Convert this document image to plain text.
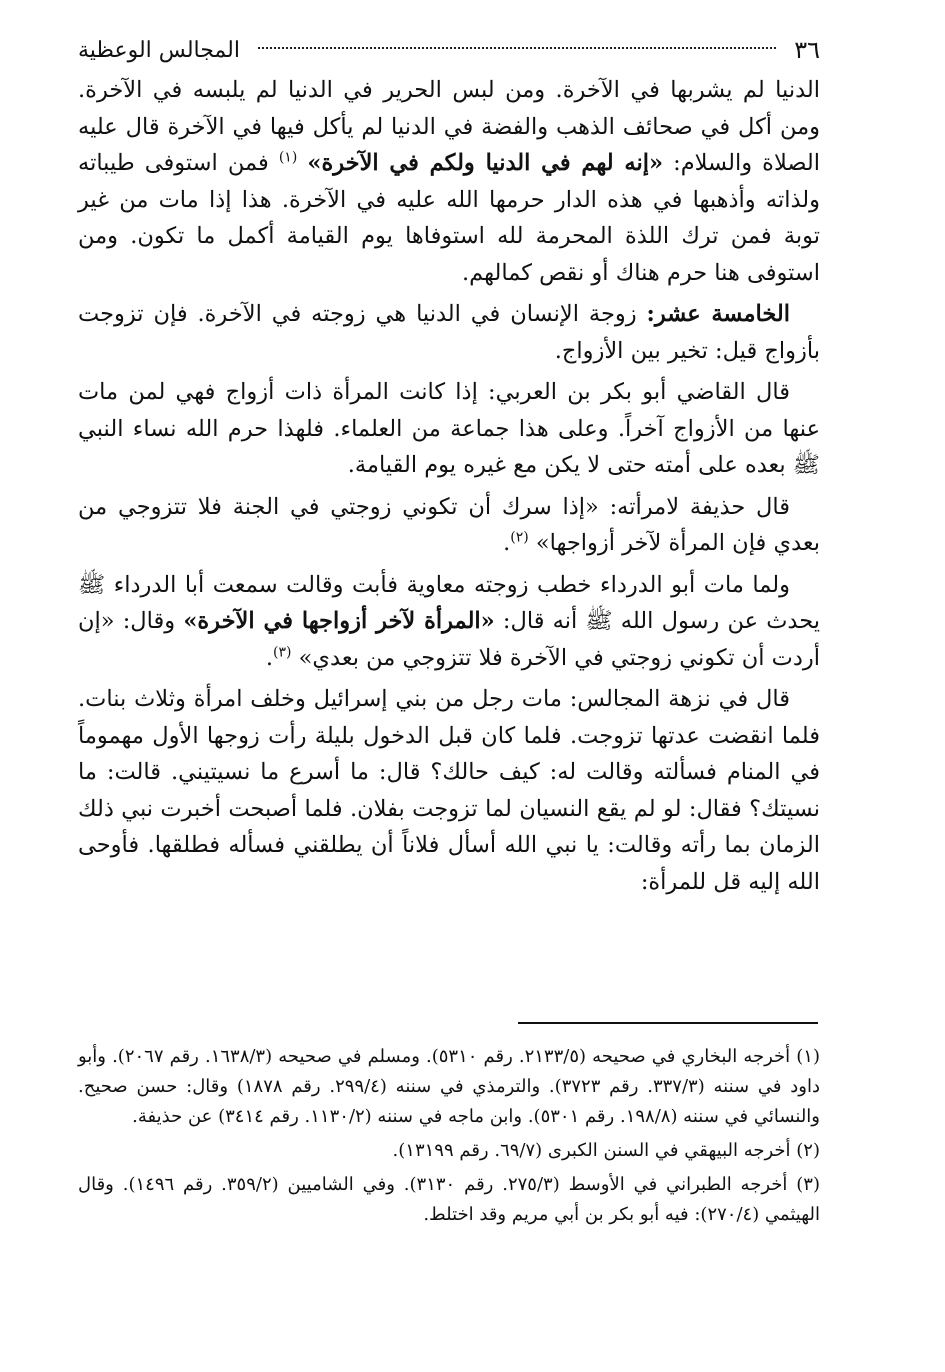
٣٦
المجالس الوعظية

الدنيا لم يشربها في الآخرة. ومن لبس الحرير في الدنيا لم يلبسه في الآخرة. ومن أكل في صحائف الذهب والفضة في الدنيا لم يأكل فيها في الآخرة قال عليه الصلاة والسلام: «إنه لهم في الدنيا ولكم في الآخرة» $^{(١)}$ فمن استوفى طيباته ولذاته وأذهبها في هذه الدار حرمها الله عليه في الآخرة. هذا إذا مات من غير توبة فمن ترك اللذة المحرمة لله استوفاها يوم القيامة أكمل ما تكون. ومن استوفى هنا حرم هناك أو نقص كمالهم.

الخامسة عشر: زوجة الإنسان في الدنيا هي زوجته في الآخرة. فإن تزوجت بأزواج قيل: تخير بين الأزواج.

قال القاضي أبو بكر بن العربي: إذا كانت المرأة ذات أزواج فهي لمن مات عنها من الأزواج آخراً. وعلى هذا جماعة من العلماء. فلهذا حرم الله نساء النبي ﷺ بعده على أمته حتى لا يكن مع غيره يوم القيامة.

قال حذيفة لامرأته: «إذا سرك أن تكوني زوجتي في الجنة فلا تتزوجي من بعدي فإن المرأة لآخر أزواجها» $^{(٢)}$.

ولما مات أبو الدرداء خطب زوجته معاوية فأبت وقالت سمعت أبا الدرداء ﷺ يحدث عن رسول الله ﷺ أنه قال: «المرأة لآخر أزواجها في الآخرة» وقال: «إن أردت أن تكوني زوجتي في الآخرة فلا تتزوجي من بعدي» $^{(٣)}$.

قال في نزهة المجالس: مات رجل من بني إسرائيل وخلف امرأة وثلاث بنات. فلما انقضت عدتها تزوجت. فلما كان قبل الدخول بليلة رأت زوجها الأول مهموماً في المنام فسألته وقالت له: كيف حالك؟ قال: ما أسرع ما نسيتيني. قالت: ما نسيتك؟ فقال: لو لم يقع النسيان لما تزوجت بفلان. فلما أصبحت أخبرت نبي ذلك الزمان بما رأته وقالت: يا نبي الله أسأل فلاناً أن يطلقني فسأله فطلقها. فأوحى الله إليه قل للمرأة:

(١) أخرجه البخاري في صحيحه (٢١٣٣/٥. رقم ٥٣١٠). ومسلم في صحيحه (١٦٣٨/٣. رقم ٢٠٦٧). وأبو داود في سننه (٣٣٧/٣. رقم ٣٧٢٣). والترمذي في سننه (٢٩٩/٤. رقم ١٨٧٨) وقال: حسن صحيح. والنسائي في سننه (١٩٨/٨. رقم ٥٣٠١). وابن ماجه في سننه (١١٣٠/٢. رقم ٣٤١٤) عن حذيفة.

(٢) أخرجه البيهقي في السنن الكبرى (٦٩/٧. رقم ١٣١٩٩).

(٣) أخرجه الطبراني في الأوسط (٢٧٥/٣. رقم ٣١٣٠). وفي الشاميين (٣٥٩/٢. رقم ١٤٩٦). وقال الهيثمي (٢٧٠/٤): فيه أبو بكر بن أبي مريم وقد اختلط.
